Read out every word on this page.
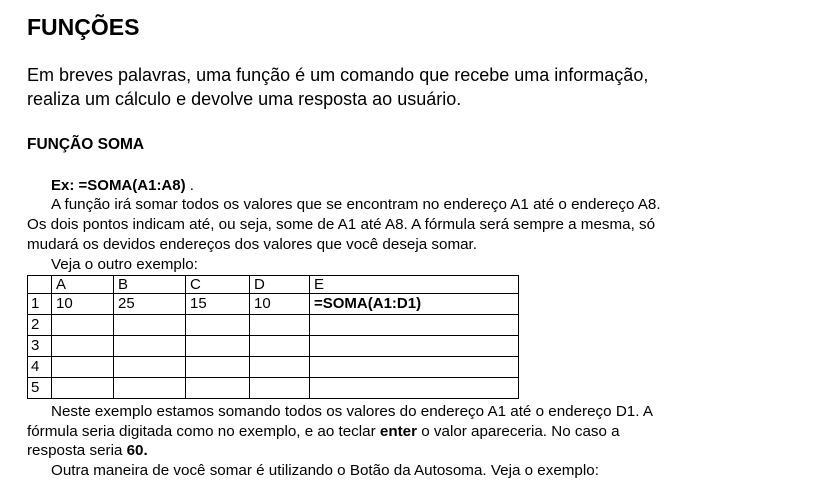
FUNÇÕES
Em breves palavras, uma função é um comando que recebe uma informação,
realiza um cálculo e devolve uma resposta ao usuário.
FUNÇÃO SOMA
Ex: =SOMA(A1:A8) .
A função irá somar todos os valores que se encontram no endereço A1 até o endereço A8.
Os dois pontos indicam até, ou seja, some de A1 até A8. A fórmula será sempre a mesma, só
mudará os devidos endereços dos valores que você deseja somar.
Veja o outro exemplo:
	A	B	C	D	E
1	10	25	15	10	=SOMA(A1:D1)
2					
3					
4					
5					
Neste exemplo estamos somando todos os valores do endereço A1 até o endereço D1. A
fórmula seria digitada como no exemplo, e ao teclar enter o valor apareceria. No caso a
resposta seria 60.
Outra maneira de você somar é utilizando o Botão da Autosoma. Veja o exemplo:
